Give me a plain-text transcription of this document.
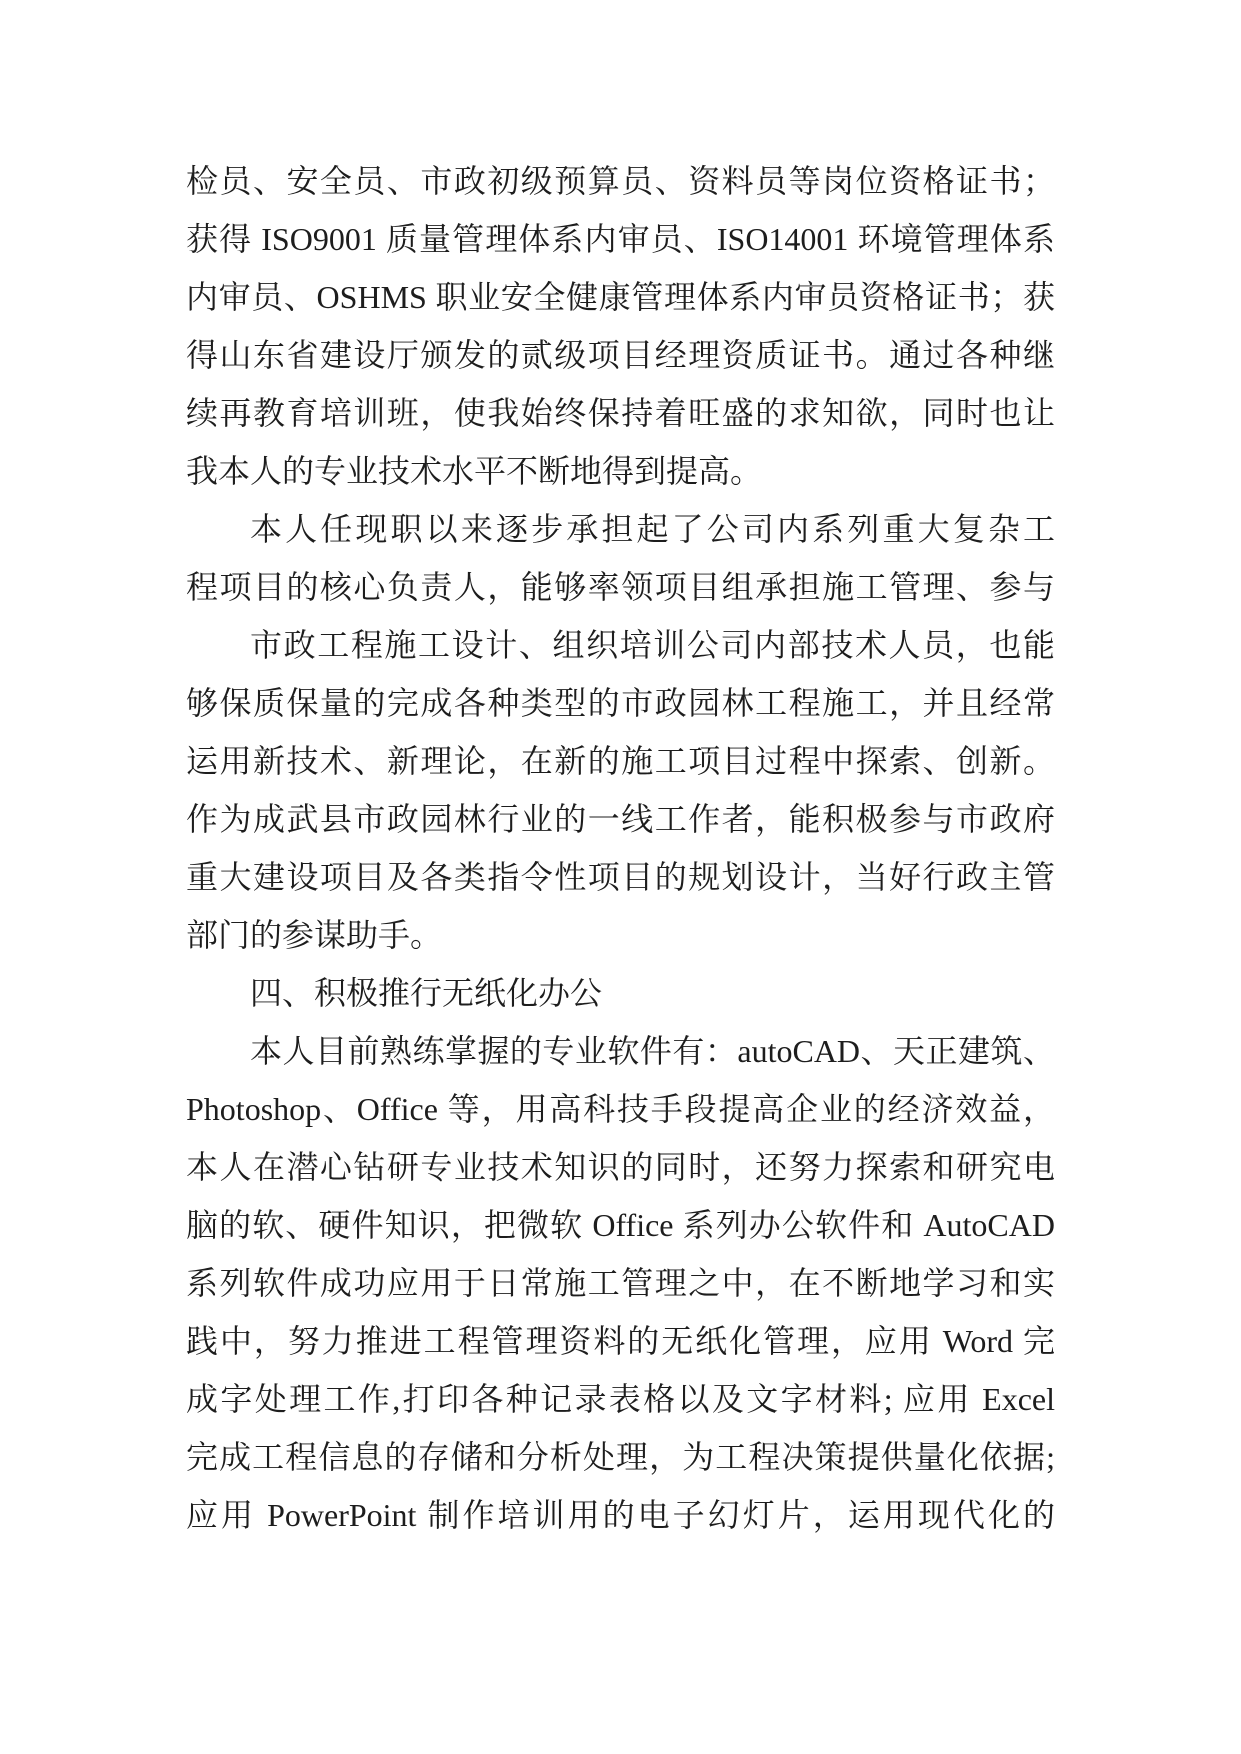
检员、安全员、市政初级预算员、资料员等岗位资格证书；
获得 ISO9001 质量管理体系内审员、ISO14001 环境管理体系
内审员、OSHMS 职业安全健康管理体系内审员资格证书；获
得山东省建设厅颁发的贰级项目经理资质证书。通过各种继
续再教育培训班，使我始终保持着旺盛的求知欲，同时也让
我本人的专业技术水平不断地得到提高。
本人任现职以来逐步承担起了公司内系列重大复杂工
程项目的核心负责人，能够率领项目组承担施工管理、参与
市政工程施工设计、组织培训公司内部技术人员，也能
够保质保量的完成各种类型的市政园林工程施工，并且经常
运用新技术、新理论，在新的施工项目过程中探索、创新。
作为成武县市政园林行业的一线工作者，能积极参与市政府
重大建设项目及各类指令性项目的规划设计，当好行政主管
部门的参谋助手。
四、积极推行无纸化办公
本人目前熟练掌握的专业软件有：autoCAD、天正建筑、
Photoshop、Office 等，用高科技手段提高企业的经济效益，
本人在潜心钻研专业技术知识的同时，还努力探索和研究电
脑的软、硬件知识，把微软 Office 系列办公软件和 AutoCAD
系列软件成功应用于日常施工管理之中，在不断地学习和实
践中，努力推进工程管理资料的无纸化管理，应用 Word 完
成字处理工作,打印各种记录表格以及文字材料; 应用 Excel
完成工程信息的存储和分析处理，为工程决策提供量化依据;
应用 PowerPoint 制作培训用的电子幻灯片，运用现代化的
